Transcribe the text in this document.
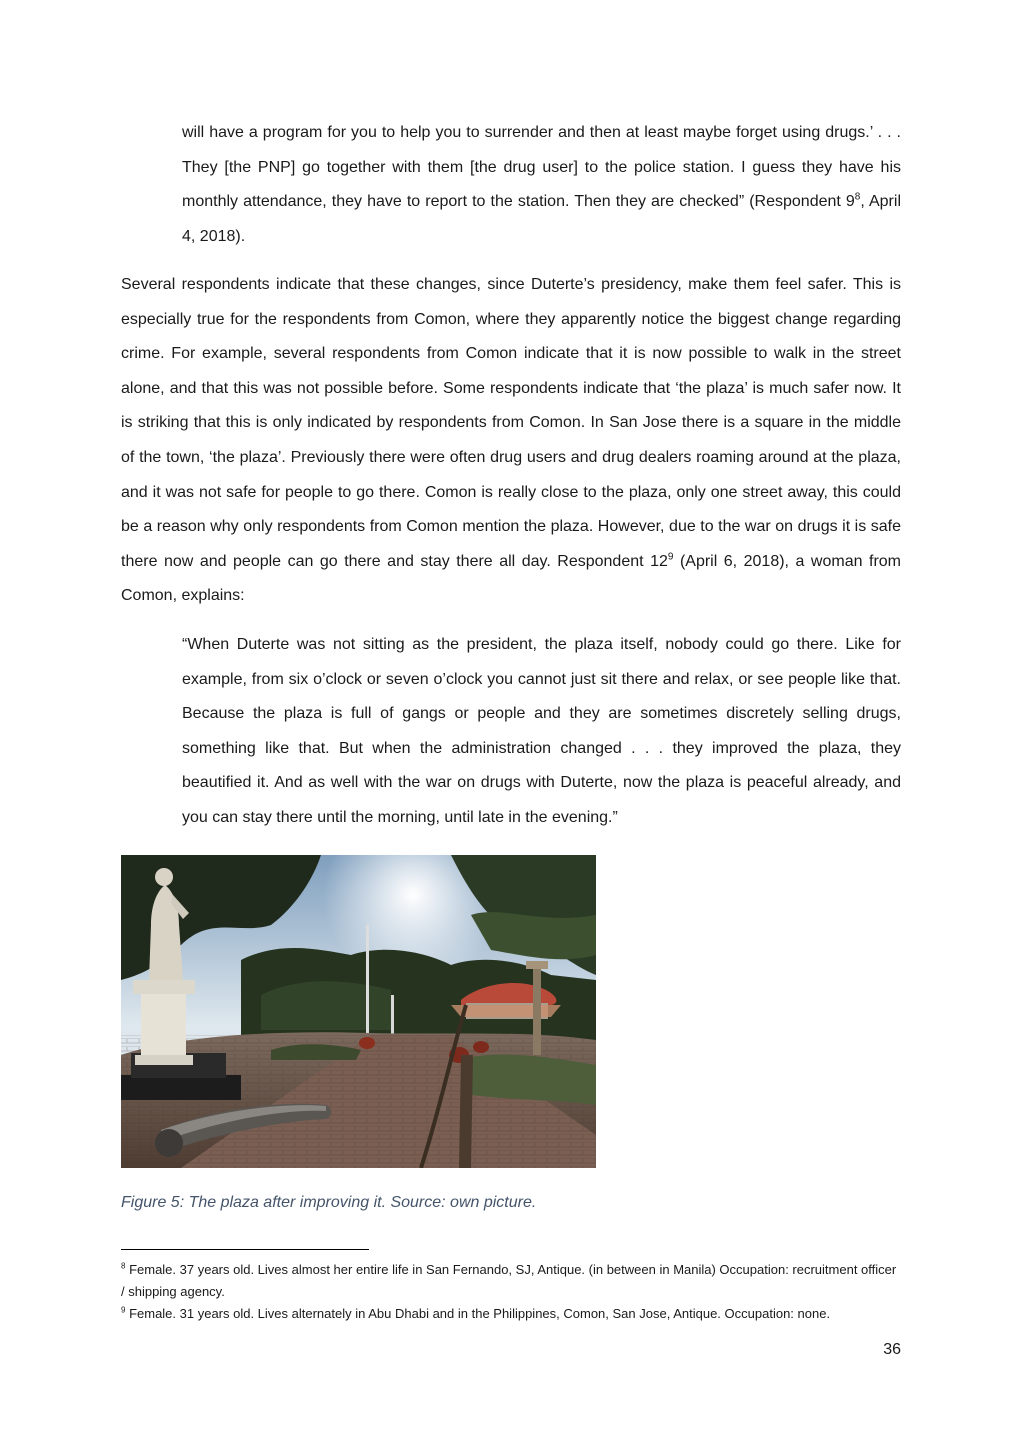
will have a program for you to help you to surrender and then at least maybe forget using drugs.’ . . . They [the PNP] go together with them [the drug user] to the police station. I guess they have his monthly attendance, they have to report to the station. Then they are checked” (Respondent $9^8$, April 4, 2018).

Several respondents indicate that these changes, since Duterte’s presidency, make them feel safer. This is especially true for the respondents from Comon, where they apparently notice the biggest change regarding crime. For example, several respondents from Comon indicate that it is now possible to walk in the street alone, and that this was not possible before. Some respondents indicate that ‘the plaza’ is much safer now. It is striking that this is only indicated by respondents from Comon. In San Jose there is a square in the middle of the town, ‘the plaza’. Previously there were often drug users and drug dealers roaming around at the plaza, and it was not safe for people to go there. Comon is really close to the plaza, only one street away, this could be a reason why only respondents from Comon mention the plaza. However, due to the war on drugs it is safe there now and people can go there and stay there all day. Respondent $12^9$ (April 6, 2018), a woman from Comon, explains:

“When Duterte was not sitting as the president, the plaza itself, nobody could go there. Like for example, from six o’clock or seven o’clock you cannot just sit there and relax, or see people like that. Because the plaza is full of gangs or people and they are sometimes discretely selling drugs, something like that. But when the administration changed . . . they improved the plaza, they beautified it. And as well with the war on drugs with Duterte, now the plaza is peaceful already, and you can stay there until the morning, until late in the evening.”

Figure 5: The plaza after improving it. Source: own picture.

$^8$ Female. 37 years old. Lives almost her entire life in San Fernando, SJ, Antique. (in between in Manila) Occupation: recruitment officer / shipping agency.

$^9$ Female. 31 years old. Lives alternately in Abu Dhabi and in the Philippines, Comon, San Jose, Antique. Occupation: none.

36
